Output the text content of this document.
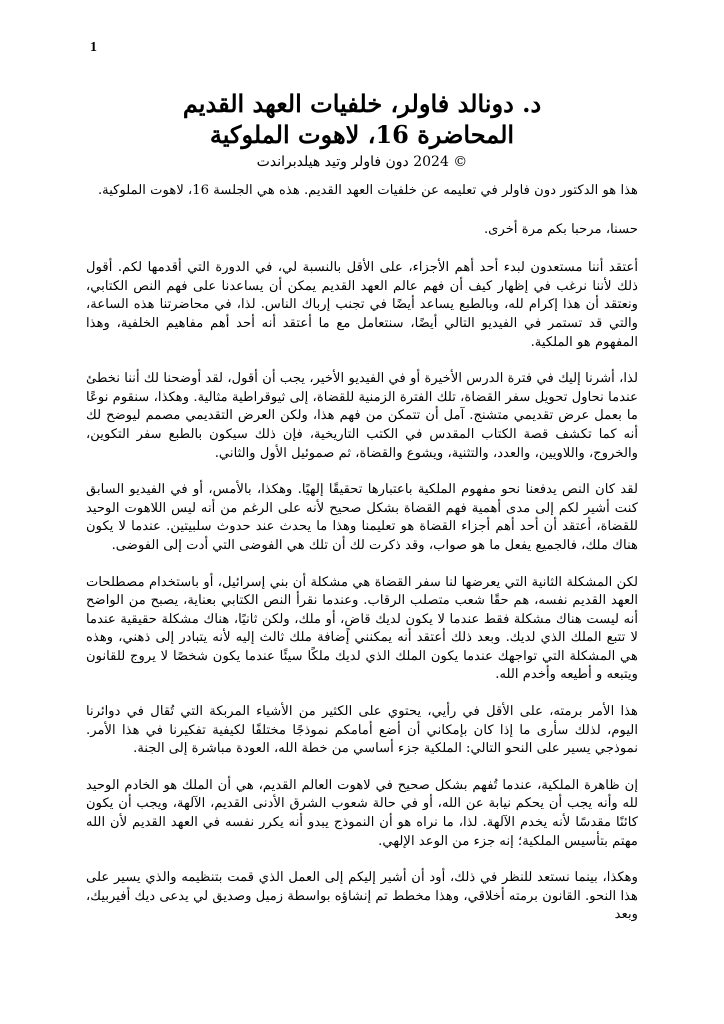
1
د. دونالد فاولر، خلفيات العهد القديم
المحاضرة 16، لاهوت الملوكية
© 2024 دون فاولر وتيد هيلدبراندت

هذا هو الدكتور دون فاولر في تعليمه عن خلفيات العهد القديم. هذه هي الجلسة 16، لاهوت الملوكية.

حسنا، مرحبا بكم مرة أخرى.

أعتقد أننا مستعدون لبدء أحد أهم الأجزاء، على الأقل بالنسبة لي، في الدورة التي أقدمها لكم. أقول ذلك لأننا نرغب في إظهار كيف أن فهم عالم العهد القديم يمكن أن يساعدنا على فهم النص الكتابي، ونعتقد أن هذا إكرام لله، وبالطبع يساعد أيضًا في تجنب إرباك الناس. لذا، في محاضرتنا هذه الساعة، والتي قد تستمر في الفيديو التالي أيضًا، سنتعامل مع ما أعتقد أنه أحد أهم مفاهيم الخلفية، وهذا المفهوم هو الملكية.

لذا، أشرنا إليك في فترة الدرس الأخيرة أو في الفيديو الأخير، يجب أن أقول، لقد أوضحنا لك أننا نخطئ عندما نحاول تحويل سفر القضاة، تلك الفترة الزمنية للقضاة، إلى ثيوقراطية مثالية. وهكذا، سنقوم نوعًا ما بعمل عرض تقديمي متشنج. آمل أن تتمكن من فهم هذا، ولكن العرض التقديمي مصمم ليوضح لك أنه كما تكشف قصة الكتاب المقدس في الكتب التاريخية، فإن ذلك سيكون بالطبع سفر التكوين، والخروج، واللاويين، والعدد، والتثنية، ويشوع والقضاة، ثم صموئيل الأول والثاني.

لقد كان النص يدفعنا نحو مفهوم الملكية باعتبارها تحقيقًا إلهيًا. وهكذا، بالأمس، أو في الفيديو السابق كنت أشير لكم إلى مدى أهمية فهم القضاة بشكل صحيح لأنه على الرغم من أنه ليس اللاهوت الوحيد للقضاة، أعتقد أن أحد أهم أجزاء القضاة هو تعليمنا وهذا ما يحدث عند حدوث سلبيتين. عندما لا يكون هناك ملك، فالجميع يفعل ما هو صواب، وقد ذكرت لك أن تلك هي الفوضى التي أدت إلى الفوضى.

لكن المشكلة الثانية التي يعرضها لنا سفر القضاة هي مشكلة أن بني إسرائيل، أو باستخدام مصطلحات العهد القديم نفسه، هم حقًا شعب متصلب الرقاب. وعندما نقرأ النص الكتابي بعناية، يصبح من الواضح أنه ليست هناك مشكلة فقط عندما لا يكون لديك قاضٍ، أو ملك، ولكن ثانيًا، هناك مشكلة حقيقية عندما لا تتبع الملك الذي لديك. وبعد ذلك أعتقد أنه يمكنني إضافة ملك ثالث إليه لأنه يتبادر إلى ذهني، وهذه هي المشكلة التي تواجهك عندما يكون الملك الذي لديك ملكًا سيئًا عندما يكون شخصًا لا يروج للقانون ويتبعه و أطيعه وأخدم الله.

هذا الأمر برمته، على الأقل في رأيي، يحتوي على الكثير من الأشياء المربكة التي تُقال في دوائرنا اليوم، لذلك سأرى ما إذا كان بإمكاني أن أضع أمامكم نموذجًا مختلفًا لكيفية تفكيرنا في هذا الأمر. نموذجي يسير على النحو التالي: الملكية جزء أساسي من خطة الله، العودة مباشرة إلى الجنة.

إن ظاهرة الملكية، عندما تُفهم بشكل صحيح في لاهوت العالم القديم، هي أن الملك هو الخادم الوحيد لله وأنه يجب أن يحكم نيابة عن الله، أو في حالة شعوب الشرق الأدنى القديم، الآلهة، ويجب أن يكون كائنًا مقدسًا لأنه يخدم الآلهة. لذا، ما نراه هو أن النموذج يبدو أنه يكرر نفسه في العهد القديم لأن الله مهتم بتأسيس الملكية؛ إنه جزء من الوعد الإلهي.

وهكذا، بينما نستعد للنظر في ذلك، أود أن أشير إليكم إلى العمل الذي قمت بتنظيمه والذي يسير على هذا النحو. القانون برمته أخلاقي، وهذا مخطط تم إنشاؤه بواسطة زميل وصديق لي يدعى ديك أفيربيك، وبعد
